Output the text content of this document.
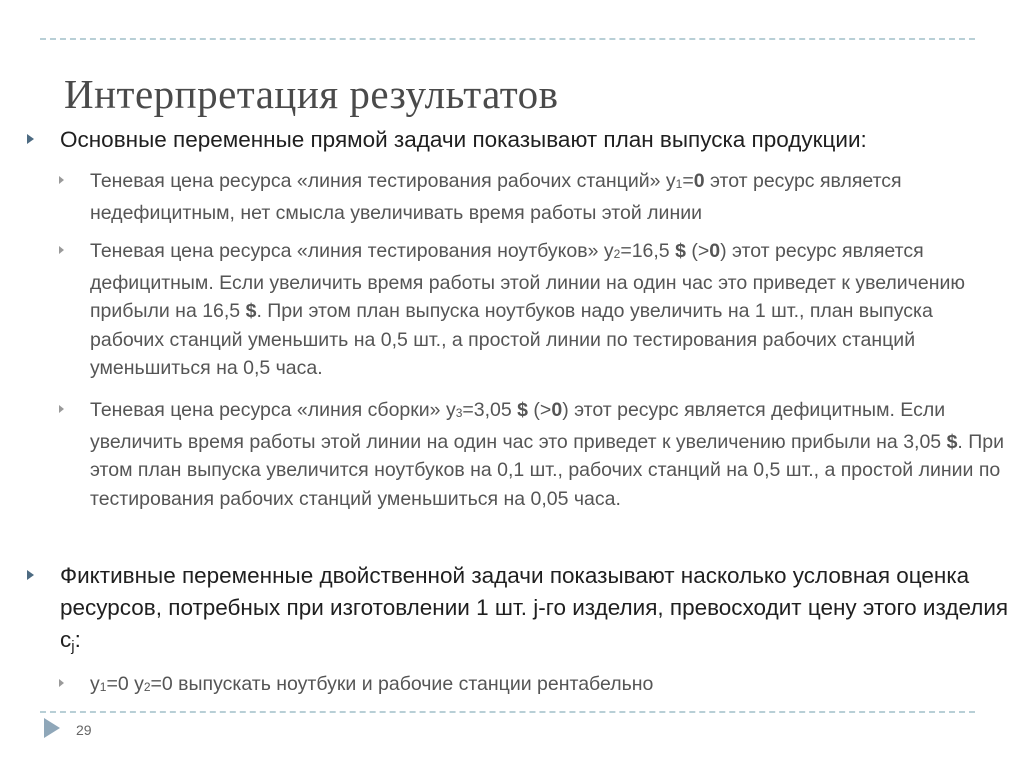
Интерпретация результатов
Основные переменные прямой задачи показывают план выпуска продукции:
Теневая цена ресурса «линия тестирования рабочих станций» y1=0 этот ресурс является недефицитным, нет смысла увеличивать время работы этой линии
Теневая цена ресурса «линия тестирования ноутбуков» y2=16,5 $ (>0) этот ресурс является дефицитным. Если увеличить время работы этой линии на один час это приведет к увеличению прибыли на 16,5 $. При этом план выпуска ноутбуков надо увеличить на 1 шт., план выпуска рабочих станций уменьшить на 0,5 шт., а простой линии по тестирования рабочих станций уменьшиться на 0,5 часа.
Теневая цена ресурса «линия сборки» y3=3,05 $ (>0) этот ресурс является дефицитным. Если увеличить время работы этой линии на один час это приведет к увеличению прибыли на 3,05 $. При этом план выпуска увеличится ноутбуков на 0,1 шт., рабочих станций на 0,5 шт., а простой линии по тестирования рабочих станций уменьшиться на 0,05 часа.
Фиктивные переменные двойственной задачи показывают насколько условная оценка ресурсов, потребных при изготовлении 1 шт. j-го изделия, превосходит цену этого изделия $c_j$:
y1=0 y2=0 выпускать ноутбуки и рабочие станции рентабельно
29
